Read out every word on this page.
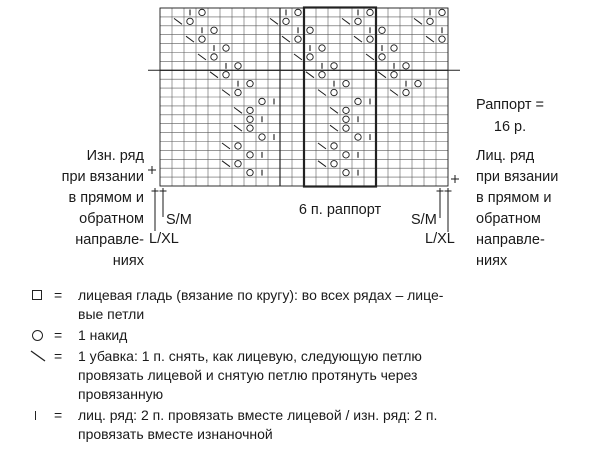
Изн. ряд
при вязании
в прямом и
обратном
направле-
ниях
Лиц. ряд
при вязании
в прямом и
обратном
направле-
ниях
Раппорт =
16 р.
6 п. раппорт
S/M
L/XL
S/M
L/XL
=	лицевая гладь (вязание по кругу): во всех рядах – лице-
вые петли
=	1 накид
=	1 убавка: 1 п. снять, как лицевую, следующую петлю
провязать лицевой и снятую петлю протянуть через
провязанную
=	лиц. ряд: 2 п. провязать вместе лицевой / изн. ряд: 2 п.
провязать вместе изнаночной
